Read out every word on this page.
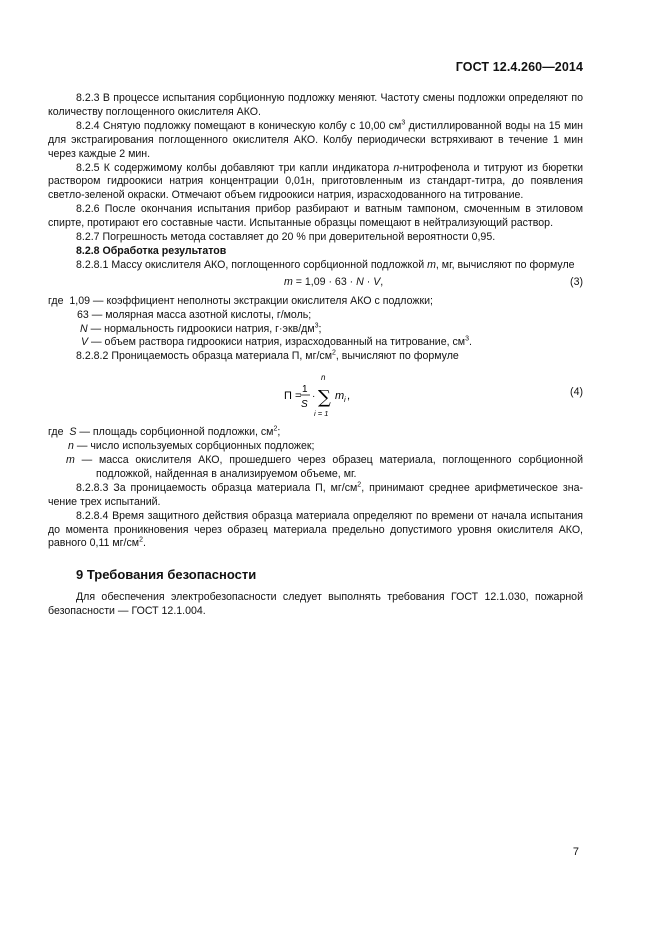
ГОСТ 12.4.260—2014

8.2.3 В процессе испытания сорбционную подложку меняют. Частоту смены подложки определяют по количеству поглощенного окислителя АКО.

8.2.4 Снятую подложку помещают в коническую колбу с 10,00 $см^3$ дистиллированной воды на 15 мин для экстрагирования поглощенного окислителя АКО. Колбу периодически встряхивают в течение 1 мин через каждые 2 мин.

8.2.5 К содержимому колбы добавляют три капли индикатора n-нитрофенола и титруют из бюретки раствором гидроокиси натрия концентрации 0,01н, приготовленным из стандарт-титра, до появления светло-зеленой окраски. Отмечают объем гидроокиси натрия, израсходованного на титрование.

8.2.6 После окончания испытания прибор разбирают и ватным тампоном, смоченным в этиловом спирте, протирают его составные части. Испытанные образцы помещают в нейтрализующий раствор.

8.2.7 Погрешность метода составляет до 20 % при доверительной вероятности 0,95.

8.2.8 Обработка результатов

8.2.8.1 Массу окислителя АКО, поглощенного сорбционной подложкой m, мг, вычисляют по формуле

m = 1,09 · 63 · N · V,	(3)
где 1,09 — коэффициент неполноты экстракции окислителя АКО с подложки;
63 — молярная масса азотной кислоты, г/моль;
N — нормальность гидроокиси натрия, $г\cdot экв/дм^3$;
V — объем раствора гидроокиси натрия, израсходованный на титрование, $см^3$.

8.2.8.2 Проницаемость образца материала П, $мг/см^2$, вычисляют по формуле

П =
1
S
·
n
∑
i = 1
m i ,	(4)
где S — площадь сорбционной подложки, $см^2$;
n — число используемых сорбционных подложек;

m — масса окислителя АКО, прошедшего через образец материала, поглощенного сорбционной подложкой, найденная в анализируемом объеме, мг.

8.2.8.3 За проницаемость образца материала П, $мг/см^2$, принимают среднее арифметическое значение трех испытаний.

8.2.8.4 Время защитного действия образца материала определяют по времени от начала испытания до момента проникновения через образец материала предельно допустимого уровня окислителя АКО, равного 0,11 $мг/см^2$.

9 Требования безопасности

Для обеспечения электробезопасности следует выполнять требования ГОСТ 12.1.030, пожарной безопасности — ГОСТ 12.1.004.

7
